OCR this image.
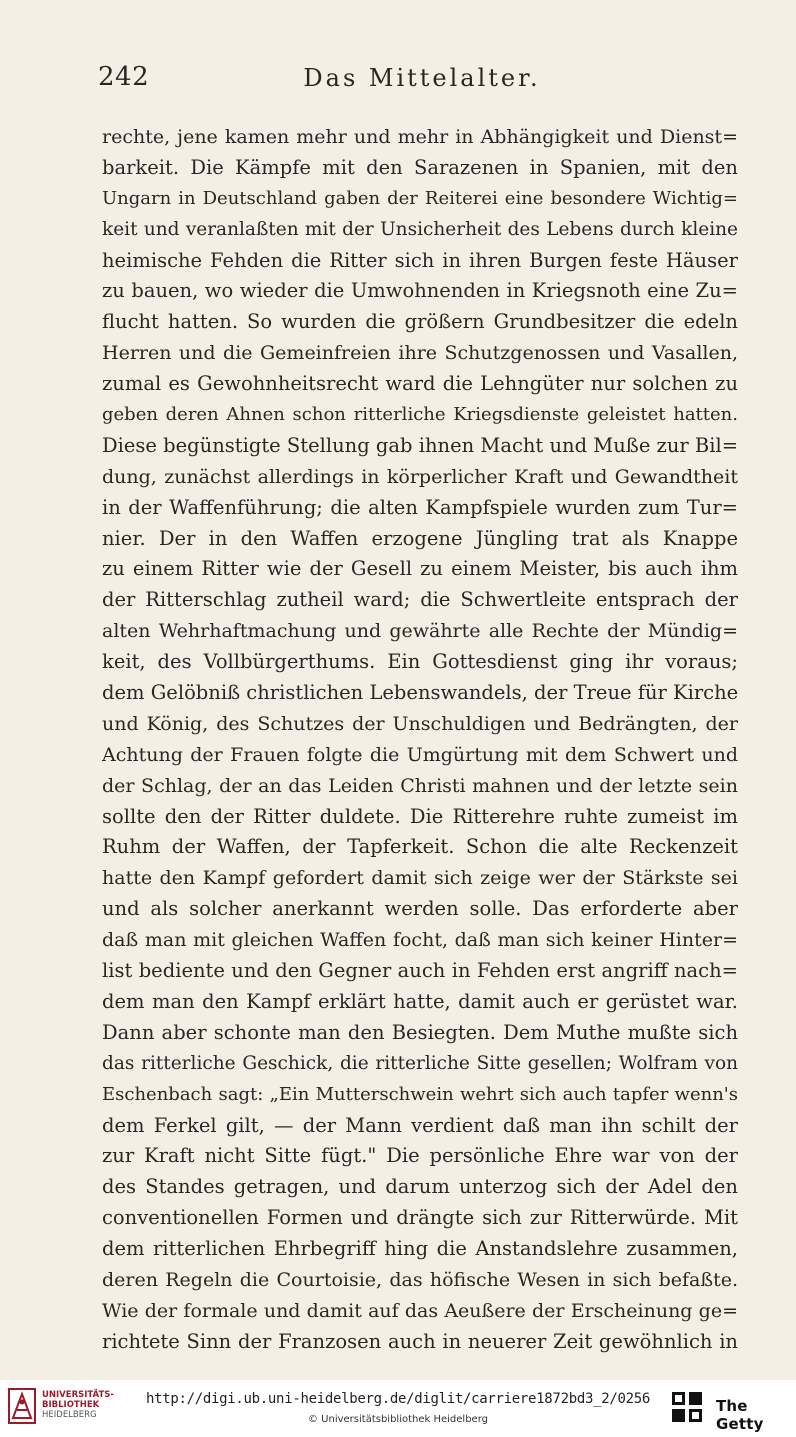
242	Das Mittelalter.
rechte, jene kamen mehr und mehr in Abhängigkeit und Dienst=
barkeit. Die Kämpfe mit den Sarazenen in Spanien, mit den
Ungarn in Deutschland gaben der Reiterei eine besondere Wichtig=
keit und veranlaßten mit der Unsicherheit des Lebens durch kleine
heimische Fehden die Ritter sich in ihren Burgen feste Häuser
zu bauen, wo wieder die Umwohnenden in Kriegsnoth eine Zu=
flucht hatten. So wurden die größern Grundbesitzer die edeln
Herren und die Gemeinfreien ihre Schutzgenossen und Vasallen,
zumal es Gewohnheitsrecht ward die Lehngüter nur solchen zu
geben deren Ahnen schon ritterliche Kriegsdienste geleistet hatten.
Diese begünstigte Stellung gab ihnen Macht und Muße zur Bil=
dung, zunächst allerdings in körperlicher Kraft und Gewandtheit
in der Waffenführung; die alten Kampfspiele wurden zum Tur=
nier. Der in den Waffen erzogene Jüngling trat als Knappe
zu einem Ritter wie der Gesell zu einem Meister, bis auch ihm
der Ritterschlag zutheil ward; die Schwertleite entsprach der
alten Wehrhaftmachung und gewährte alle Rechte der Mündig=
keit, des Vollbürgerthums. Ein Gottesdienst ging ihr voraus;
dem Gelöbniß christlichen Lebenswandels, der Treue für Kirche
und König, des Schutzes der Unschuldigen und Bedrängten, der
Achtung der Frauen folgte die Umgürtung mit dem Schwert und
der Schlag, der an das Leiden Christi mahnen und der letzte sein
sollte den der Ritter duldete. Die Ritterehre ruhte zumeist im
Ruhm der Waffen, der Tapferkeit. Schon die alte Reckenzeit
hatte den Kampf gefordert damit sich zeige wer der Stärkste sei
und als solcher anerkannt werden solle. Das erforderte aber
daß man mit gleichen Waffen focht, daß man sich keiner Hinter=
list bediente und den Gegner auch in Fehden erst angriff nach=
dem man den Kampf erklärt hatte, damit auch er gerüstet war.
Dann aber schonte man den Besiegten. Dem Muthe mußte sich
das ritterliche Geschick, die ritterliche Sitte gesellen; Wolfram von
Eschenbach sagt: „Ein Mutterschwein wehrt sich auch tapfer wenn's
dem Ferkel gilt, — der Mann verdient daß man ihn schilt der
zur Kraft nicht Sitte fügt." Die persönliche Ehre war von der
des Standes getragen, und darum unterzog sich der Adel den
conventionellen Formen und drängte sich zur Ritterwürde. Mit
dem ritterlichen Ehrbegriff hing die Anstandslehre zusammen,
deren Regeln die Courtoisie, das höfische Wesen in sich befaßte.
Wie der formale und damit auf das Aeußere der Erscheinung ge=
richtete Sinn der Franzosen auch in neuerer Zeit gewöhnlich in
UNIVERSITÄTS-
BIBLIOTHEK
HEIDELBERG
http://digi.ub.uni-heidelberg.de/diglit/carriere1872bd3_2/0256
© Universitätsbibliothek Heidelberg
The Getty
